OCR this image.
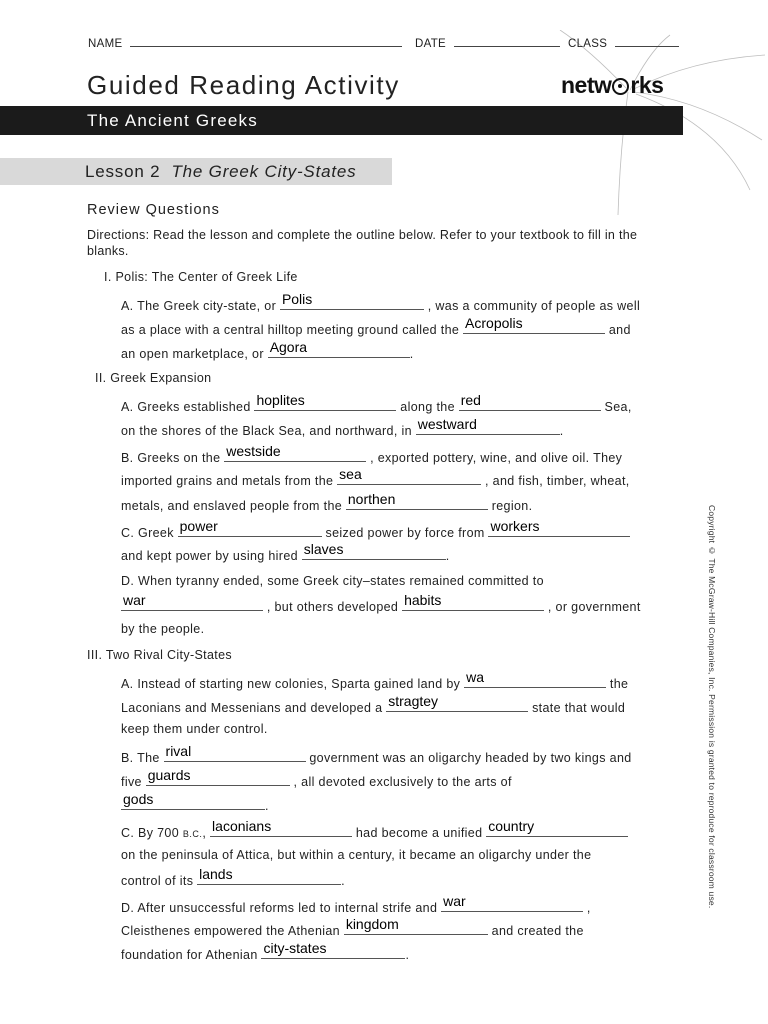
NAME	DATE	CLASS
Guided Reading Activity	netw rks
The Ancient Greeks
Lesson 2 The Greek City-States
Review Questions
Directions: Read the lesson and complete the outline below. Refer to your textbook to fill in the blanks.
I. Polis: The Center of Greek Life
A. The Greek city-state, or Polis	, was a community of people as well
as a place with a central hilltop meeting ground called the Acropolis	and
an open marketplace, or Agora	.
II. Greek Expansion
A. Greeks established hoplites	along the red	Sea,
on the shores of the Black Sea, and northward, in westward	.
B. Greeks on the westside	, exported pottery, wine, and olive oil. They
imported grains and metals from the sea	, and fish, timber, wheat,
metals, and enslaved people from the northen	region.
C. Greek power	seized power by force from workers
and kept power by using hired slaves	.
D. When tyranny ended, some Greek city–states remained committed to
war	, but others developed habits	, or government
by the people.
III. Two Rival City-States
A. Instead of starting new colonies, Sparta gained land by wa	the
Laconians and Messenians and developed a stragtey	state that would
keep them under control.
B. The rival	government was an oligarchy headed by two kings and
five guards	, all devoted exclusively to the arts of
gods	.
C. By 700 B.C., laconians	had become a unified country
on the peninsula of Attica, but within a century, it became an oligarchy under the
control of its lands	.
D. After unsuccessful reforms led to internal strife and war	,
Cleisthenes empowered the Athenian kingdom	and created the
foundation for Athenian city-states	.
Copyright © The McGraw-Hill Companies, Inc. Permission is granted to reproduce for classroom use.
